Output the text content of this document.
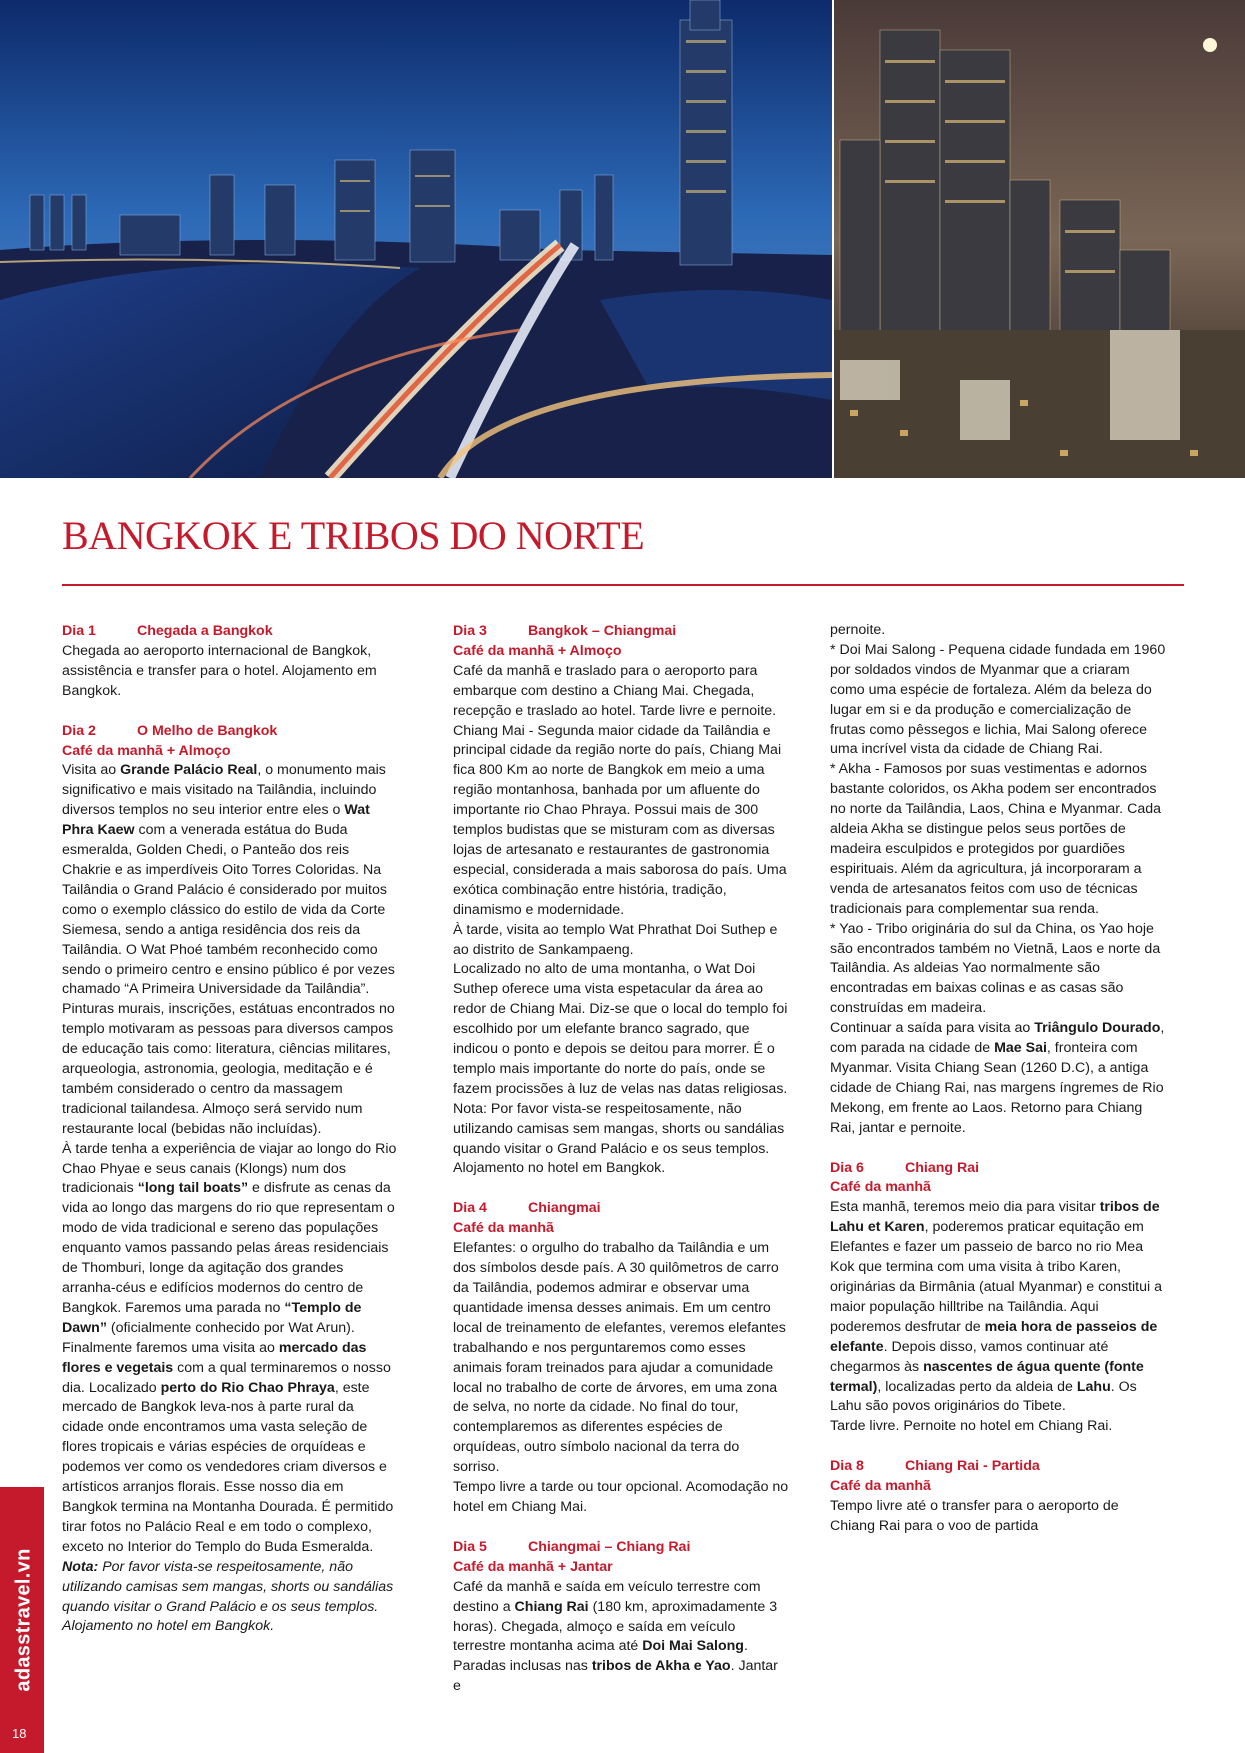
BANGKOK E TRIBOS DO NORTE
Dia 1	Chegada a Bangkok

Chegada ao aeroporto internacional de Bangkok, assistência e transfer para o hotel. Alojamento em Bangkok.

Dia 2	O Melho de Bangkok
Café da manhã + Almoço

Visita ao Grande Palácio Real, o monumento mais significativo e mais visitado na Tailândia, incluindo diversos templos no seu interior entre eles o Wat Phra Kaew com a venerada estátua do Buda esmeralda, Golden Chedi, o Panteão dos reis Chakrie e as imperdíveis Oito Torres Coloridas. Na Tailândia o Grand Palácio é considerado por muitos como o exemplo clássico do estilo de vida da Corte Siemesa, sendo a antiga residência dos reis da Tailândia. O Wat Phoé também reconhecido como sendo o primeiro centro e ensino público é por vezes chamado “A Primeira Universidade da Tailândia”. Pinturas murais, inscrições, estátuas encontrados no templo motivaram as pessoas para diversos campos de educação tais como: literatura, ciências militares, arqueologia, astronomia, geologia, meditação e é também considerado o centro da massagem tradicional tailandesa. Almoço será servido num restaurante local (bebidas não incluídas).

À tarde tenha a experiência de viajar ao longo do Rio Chao Phyae e seus canais (Klongs) num dos tradicionais “long tail boats” e disfrute as cenas da vida ao longo das margens do rio que representam o modo de vida tradicional e sereno das populações enquanto vamos passando pelas áreas residenciais de Thomburi, longe da agitação dos grandes arranha-céus e edifícios modernos do centro de Bangkok. Faremos uma parada no “Templo de Dawn” (oficialmente conhecido por Wat Arun). Finalmente faremos uma visita ao mercado das flores e vegetais com a qual terminaremos o nosso dia. Localizado perto do Rio Chao Phraya, este mercado de Bangkok leva-nos à parte rural da cidade onde encontramos uma vasta seleção de flores tropicais e várias espécies de orquídeas e podemos ver como os vendedores criam diversos e artísticos arranjos florais. Esse nosso dia em Bangkok termina na Montanha Dourada. É permitido tirar fotos no Palácio Real e em todo o complexo, exceto no Interior do Templo do Buda Esmeralda.

Nota: Por favor vista-se respeitosamente, não utilizando camisas sem mangas, shorts ou sandálias quando visitar o Grand Palácio e os seus templos. Alojamento no hotel em Bangkok.

Dia 3	Bangkok – Chiangmai
Café da manhã + Almoço

Café da manhã e traslado para o aeroporto para embarque com destino a Chiang Mai. Chegada, recepção e traslado ao hotel. Tarde livre e pernoite. Chiang Mai - Segunda maior cidade da Tailândia e principal cidade da região norte do país, Chiang Mai fica 800 Km ao norte de Bangkok em meio a uma região montanhosa, banhada por um afluente do importante rio Chao Phraya. Possui mais de 300 templos budistas que se misturam com as diversas lojas de artesanato e restaurantes de gastronomia especial, considerada a mais saborosa do país. Uma exótica combinação entre história, tradição, dinamismo e modernidade.

À tarde, visita ao templo Wat Phrathat Doi Suthep e ao distrito de Sankampaeng.

Localizado no alto de uma montanha, o Wat Doi Suthep oferece uma vista espetacular da área ao redor de Chiang Mai. Diz-se que o local do templo foi escolhido por um elefante branco sagrado, que indicou o ponto e depois se deitou para morrer. É o templo mais importante do norte do país, onde se fazem procissões à luz de velas nas datas religiosas.

Nota: Por favor vista-se respeitosamente, não utilizando camisas sem mangas, shorts ou sandálias quando visitar o Grand Palácio e os seus templos.

Alojamento no hotel em Bangkok.

Dia 4	Chiangmai
Café da manhã

Elefantes: o orgulho do trabalho da Tailândia e um dos símbolos desde país. A 30 quilômetros de carro da Tailândia, podemos admirar e observar uma quantidade imensa desses animais. Em um centro local de treinamento de elefantes, veremos elefantes trabalhando e nos perguntaremos como esses animais foram treinados para ajudar a comunidade local no trabalho de corte de árvores, em uma zona de selva, no norte da cidade. No final do tour, contemplaremos as diferentes espécies de orquídeas, outro símbolo nacional da terra do sorriso.

Tempo livre a tarde ou tour opcional. Acomodação no hotel em Chiang Mai.

Dia 5	Chiangmai – Chiang Rai
Café da manhã + Jantar

Café da manhã e saída em veículo terrestre com destino a Chiang Rai (180 km, aproximadamente 3 horas). Chegada, almoço e saída em veículo terrestre montanha acima até Doi Mai Salong. Paradas inclusas nas tribos de Akha e Yao. Jantar e

pernoite.

* Doi Mai Salong - Pequena cidade fundada em 1960 por soldados vindos de Myanmar que a criaram como uma espécie de fortaleza. Além da beleza do lugar em si e da produção e comercialização de frutas como pêssegos e lichia, Mai Salong oferece uma incrível vista da cidade de Chiang Rai.

* Akha - Famosos por suas vestimentas e adornos bastante coloridos, os Akha podem ser encontrados no norte da Tailândia, Laos, China e Myanmar. Cada aldeia Akha se distingue pelos seus portões de madeira esculpidos e protegidos por guardiões espirituais. Além da agricultura, já incorporaram a venda de artesanatos feitos com uso de técnicas tradicionais para complementar sua renda.

* Yao - Tribo originária do sul da China, os Yao hoje são encontrados também no Vietnã, Laos e norte da Tailândia. As aldeias Yao normalmente são encontradas em baixas colinas e as casas são construídas em madeira.

Continuar a saída para visita ao Triângulo Dourado, com parada na cidade de Mae Sai, fronteira com Myanmar. Visita Chiang Sean (1260 D.C), a antiga cidade de Chiang Rai, nas margens íngremes de Rio Mekong, em frente ao Laos. Retorno para Chiang Rai, jantar e pernoite.

Dia 6	Chiang Rai
Café da manhã

Esta manhã, teremos meio dia para visitar tribos de Lahu et Karen, poderemos praticar equitação em Elefantes e fazer um passeio de barco no rio Mea Kok que termina com uma visita à tribo Karen, originárias da Birmânia (atual Myanmar) e constitui a maior população hilltribe na Tailândia. Aqui poderemos desfrutar de meia hora de passeios de elefante. Depois disso, vamos continuar até chegarmos às nascentes de água quente (fonte termal), localizadas perto da aldeia de Lahu. Os Lahu são povos originários do Tibete.

Tarde livre. Pernoite no hotel em Chiang Rai.

Dia 8	Chiang Rai - Partida
Café da manhã

Tempo livre até o transfer para o aeroporto de Chiang Rai para o voo de partida

adasstravel.vn
18
